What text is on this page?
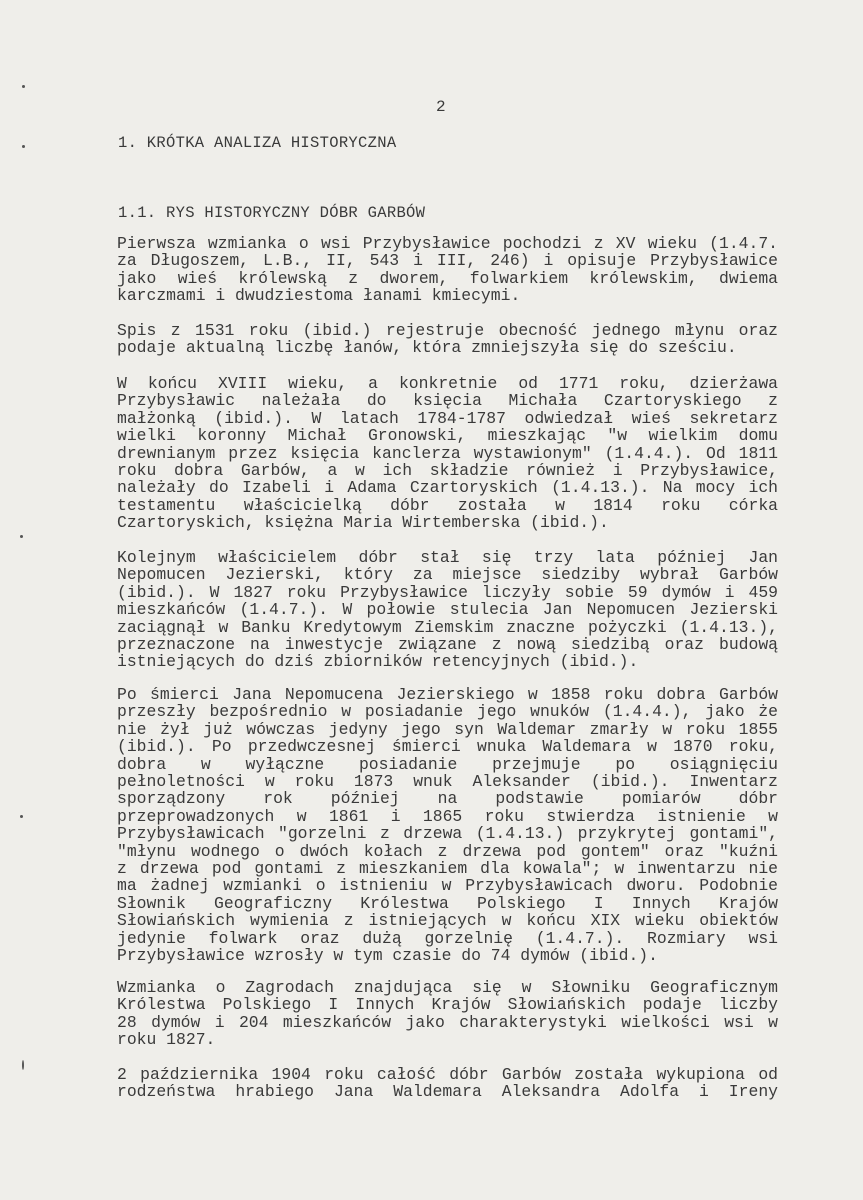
2
1. KRÓTKA ANALIZA HISTORYCZNA
1.1. RYS HISTORYCZNY DÓBR GARBÓW
Pierwsza wzmianka o wsi Przybysławice pochodzi z XV wieku (1.4.7.
za Długoszem, L.B., II, 543 i III, 246) i opisuje Przybysławice
jako wieś królewską z dworem, folwarkiem królewskim, dwiema
karczmami i dwudziestoma łanami kmiecymi.
Spis z 1531 roku (ibid.) rejestruje obecność jednego młynu oraz
podaje aktualną liczbę łanów, która zmniejszyła się do sześciu.
W końcu XVIII wieku, a konkretnie od 1771 roku, dzierżawa
Przybysławic należała do księcia Michała Czartoryskiego z
małżonką (ibid.). W latach 1784-1787 odwiedzał wieś sekretarz
wielki koronny Michał Gronowski, mieszkając "w wielkim domu
drewnianym przez księcia kanclerza wystawionym" (1.4.4.). Od 1811
roku dobra Garbów, a w ich składzie również i Przybysławice,
należały do Izabeli i Adama Czartoryskich (1.4.13.). Na mocy ich
testamentu właścicielką dóbr została w 1814 roku córka
Czartoryskich, księżna Maria Wirtemberska (ibid.).
Kolejnym właścicielem dóbr stał się trzy lata później Jan
Nepomucen Jezierski, który za miejsce siedziby wybrał Garbów
(ibid.). W 1827 roku Przybysławice liczyły sobie 59 dymów i 459
mieszkańców (1.4.7.). W połowie stulecia Jan Nepomucen Jezierski
zaciągnął w Banku Kredytowym Ziemskim znaczne pożyczki (1.4.13.),
przeznaczone na inwestycje związane z nową siedzibą oraz budową
istniejących do dziś zbiorników retencyjnych (ibid.).
Po śmierci Jana Nepomucena Jezierskiego w 1858 roku dobra Garbów
przeszły bezpośrednio w posiadanie jego wnuków (1.4.4.), jako że
nie żył już wówczas jedyny jego syn Waldemar zmarły w roku 1855
(ibid.). Po przedwczesnej śmierci wnuka Waldemara w 1870 roku,
dobra w wyłączne posiadanie przejmuje po osiągnięciu
pełnoletności w roku 1873 wnuk Aleksander (ibid.). Inwentarz
sporządzony rok później na podstawie pomiarów dóbr
przeprowadzonych w 1861 i 1865 roku stwierdza istnienie w
Przybysławicach "gorzelni z drzewa (1.4.13.) przykrytej gontami",
"młynu wodnego o dwóch kołach z drzewa pod gontem" oraz "kuźni
z drzewa pod gontami z mieszkaniem dla kowala"; w inwentarzu nie
ma żadnej wzmianki o istnieniu w Przybysławicach dworu. Podobnie
Słownik Geograficzny Królestwa Polskiego I Innych Krajów
Słowiańskich wymienia z istniejących w końcu XIX wieku obiektów
jedynie folwark oraz dużą gorzelnię (1.4.7.). Rozmiary wsi
Przybysławice wzrosły w tym czasie do 74 dymów (ibid.).
Wzmianka o Zagrodach znajdująca się w Słowniku Geograficznym
Królestwa Polskiego I Innych Krajów Słowiańskich podaje liczby
28 dymów i 204 mieszkańców jako charakterystyki wielkości wsi w
roku 1827.
2 października 1904 roku całość dóbr Garbów została wykupiona od
rodzeństwa hrabiego Jana Waldemara Aleksandra Adolfa i Ireny
